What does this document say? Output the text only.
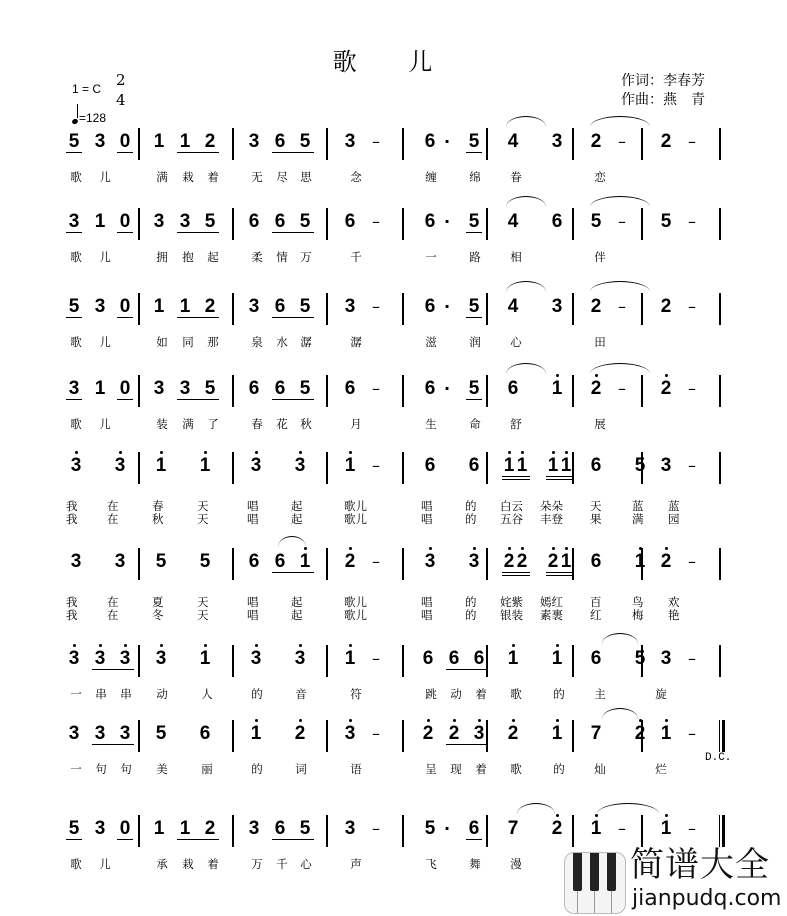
歌 儿
1 = C 2
4
=128
作词：李春芳
作曲：燕　青
5 3 0 1 1 2 3 6 5 3 – 6 · 5 4 3 2 – 2 –
歌	儿	满	栽	着	无	尽	思	念	缠	绵	眷	恋
3 1 0 3 3 5 6 6 5 6 – 6 · 5 4 6 5 – 5 –
歌	儿	拥	抱	起	柔	情	万	千	一	路	相	伴
5 3 0 1 1 2 3 6 5 3 – 6 · 5 4 3 2 – 2 –
歌	儿	如	同	那	泉	水	潺	潺	滋	润	心	田
3 1 0 3 3 5 6 6 5 6 – 6 · 5 6 1 2 – 2 –
歌	儿	装	满	了	春	花	秋	月	生	命	舒	展
3 3 1 1 3 3 1 – 6 6 1 1 1 1 6 5 3 –
我	在	春	天	唱	起	歌儿	唱	的 白云 朵朵 天	蓝 蓝
我	在	秋	天	唱	起	歌儿	唱	的 五谷 丰登 果	满 园
3 3 5 5 6 6 1 2 – 3 3 2 2 2 1 6 1 2 –
我	在	夏	天	唱	起	歌儿	唱	的 姹紫 嫣红 百	鸟 欢
我	在	冬	天	唱	起	歌儿	唱	的 银装 素裹 红	梅 艳
3 3 3 3 1 3 3 1 – 6 6 6 1 1 6 5 3 –
一	串	串	动	人	的	音	符	跳	动	着	歌	的	主	旋
3 3 3 5 6 1 2 3 – 2 2 3 2 1 7 2 1 –
一	句	句	美	丽	的	词	语	呈	现	着	歌	的	灿	烂
D.C.
5 3 0 1 1 2 3 6 5 3 – 5 · 6 7 2 1 – 1 –
歌	儿	承	栽	着	万	千	心	声	飞	舞	漫	简谱大全
jianpudq.com
